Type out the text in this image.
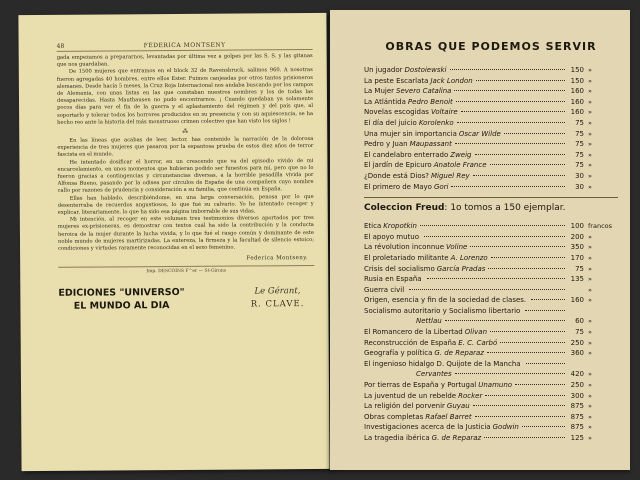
48	FEDERICA MONTSENY

gada empezamos a prepararnos, levantadas por última vez a golpes por las S. S. y las gitanas que nos guardaban.

De 1500 mujeres que entramos en el block 32 de Ravensbruck, salimos 960. A nosotras fueron agregadas 40 hombres, entre ellos Ester. Fuimos canjeadas por otros tantos prisioneros alemanes. Desde hacía 5 meses, la Cruz Roja Internacional nos andaba buscando por los campos de Alemania, con unas listas en las que constaban nuestros nombres y los de todas las desaparecidas. Hasta Mauthausen no pudo encontrarnos. ¡ Cuando quedaban ya solamente pocos días para ver el fin de la guerra y el aplastamiento del régimen y del país que, al soportarlo y tolerar todos los horrores producidos en su presencia y con su aquiescencia, se ha hecho reo ante la historia del más monstruoso crimen colectivo que han visto los siglos !

⁂

En las líneas que acabas de leer, lector, has contenido la narración de la dolorosa experiencia de tres mujeres que pasaron por la espantosa prueba de estos diez años de terror fascista en el mundo.

He intentado dosificar el horror, en un crescendo que va del episodio vivido de mi encarcelamiento, en unos momentos que hubieran podido ser funestos para mí, pero que no lo fueron gracias a contingencias y circunstancias diversas, a la horrible pesadilla vivida por Alfonsa Bueno, pasando por la odisea por círculos de España de una compañera cuyo nombre callo por razones de prudencia y consideración a su familia, que continúa en España.

Ellas han hablado, describiéndome, en una larga conversación, penosa por lo que desenterraba de recuerdos angustiosos, lo que fué su calvario. Yo he intentado recoger y explicar, literariamente, lo que ha sido esa página imborrable de sus vidas.

Mi intención, al recoger en este volumen tres testimonios diversos aportados por tres mujeres ex-prisioneras, es demostrar con textos cuál ha sido la contribución y la conducta heroica de la mujer durante la lucha vivida, y lo que fué el rasgo común y dominante de este noble mundo de mujeres martirizadas. La entereza, la firmeza y la facultad de silencio estoico; condiciones y virtudes raramente reconocidas en el sexo femenino.

Federica Montseny.
Imp. DESCOINS F^er — St-Girons
EDICIONES "UNIVERSO"
EL MUNDO AL DIA
Le Gérant,
R. CLAVE.
OBRAS QUE PODEMOS SERVIR
Un jugador Dostoiewski	150 »
La peste Escarlata Jack London	150 »
La Mujer Severo Catalina	160 »
La Atlántida Pedro Benoit	160 »
Novelas escogidas Voltaire	160 »
El día del juicio Korolenko	75 »
Una mujer sin importancia Oscar Wilde	75 »
Pedro y Juan Maupassant	75 »
El candelabro enterrado Zweig	75 »
El jardín de Epicuro Anatole France	75 »
¿Donde está Dios? Miguel Rey	30 »
El primero de Mayo Gori	30 »
Coleccion Freud: 1o tomos a 150 ejemplar.
Etica Kropotkin	100 francos
El apoyo mutuo	200 »
La révolution inconnue Voline	350 »
El proletariado militante A. Lorenzo	170 »
Crisis del socialismo García Pradas	75 »
Rusia en España	135 »
Guerra civil	»
Origen, esencia y fin de la sociedad de clases.	160 »
Socialismo autoritario y Socialismo libertario
Nettlau	60 »
El Romancero de la Libertad Olivan	75 »
Reconstrucción de España E. C. Carbó	250 »
Geografía y política G. de Reparaz	360 »
El ingenioso hidalgo D. Quijote de la Mancha
Cervantes	420 »
Por tierras de España y Portugal Unamuno	250 »
La juventud de un rebelde Rocker	300 »
La religión del porvenir Guyau	875 »
Obras completas Rafael Barret	875 »
Investigaciones acerca de la Justicia Godwin	875 »
La tragedia ibérica G. de Reparaz	125 »
